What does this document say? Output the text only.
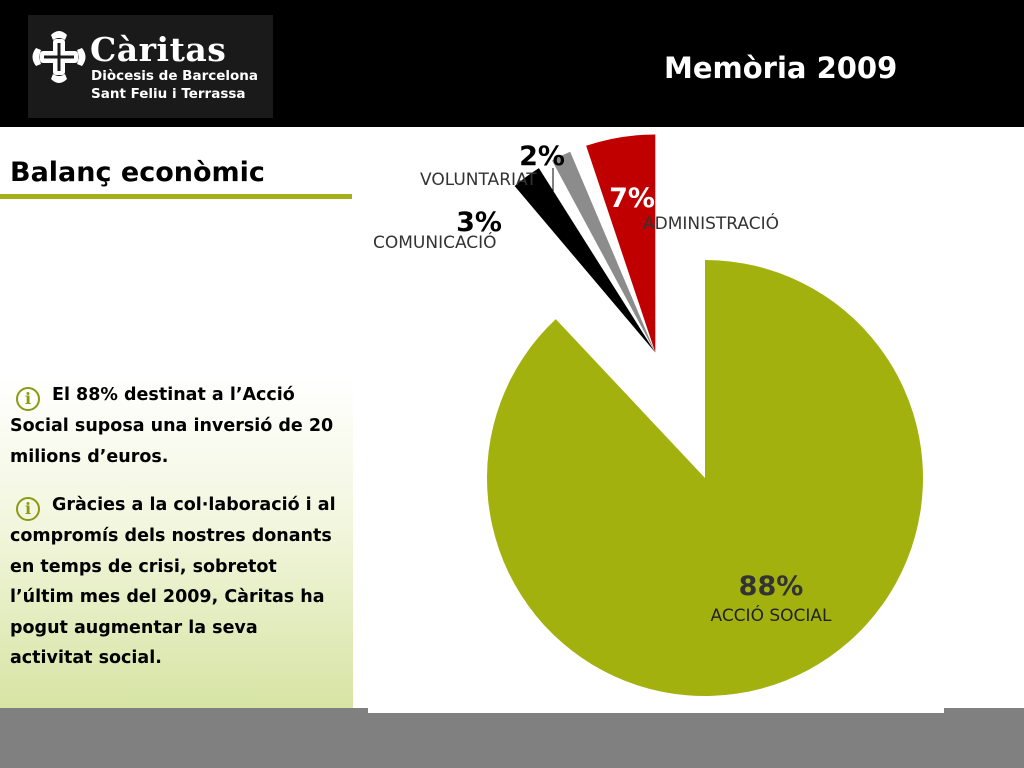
Càritas
Diòcesis de Barcelona
Sant Feliu i Terrassa
Memòria 2009
Balanç econòmic
i El 88% destinat a l’Acció Social suposa una inversió de 20 milions d’euros.
i Gràcies a la col·laboració i al compromís dels nostres donants en temps de crisi, sobretot l’últim mes del 2009, Càritas ha pogut augmentar la seva activitat social.
88%
ACCIÓ SOCIAL
3%
COMUNICACIÓ
2%
VOLUNTARIAT
7%
ADMINISTRACIÓ
